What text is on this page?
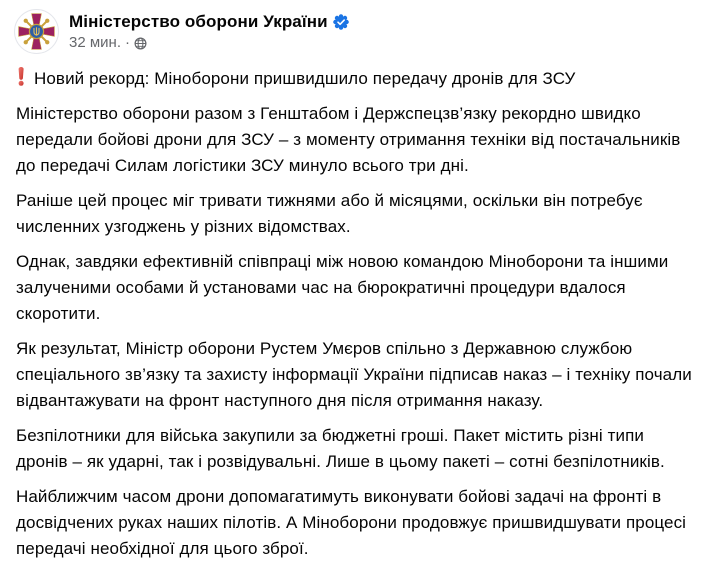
Міністерство оборони України
32 мин. ·

Новий рекорд: Міноборони пришвидшило передачу дронів для ЗСУ

Міністерство оборони разом з Генштабом і Держспецзв’язку рекордно швидко передали бойові дрони для ЗСУ – з моменту отримання техніки від постачальників до передачі Силам логістики ЗСУ минуло всього три дні.

Раніше цей процес міг тривати тижнями або й місяцями, оскільки він потребує численних узгоджень у різних відомствах.

Однак, завдяки ефективній співпраці між новою командою Міноборони та іншими залученими особами й установами час на бюрократичні процедури вдалося скоротити.

Як результат, Міністр оборони Рустем Умєров спільно з Державною службою спеціального зв’язку та захисту інформації України підписав наказ – і техніку почали відвантажувати на фронт наступного дня після отримання наказу.

Безпілотники для війська закупили за бюджетні гроші. Пакет містить різні типи дронів – як ударні, так і розвідувальні. Лише в цьому пакеті – сотні безпілотників.

Найближчим часом дрони допомагатимуть виконувати бойові задачі на фронті в досвідчених руках наших пілотів. А Міноборони продовжує пришвидшувати процесі передачі необхідної для цього зброї.
